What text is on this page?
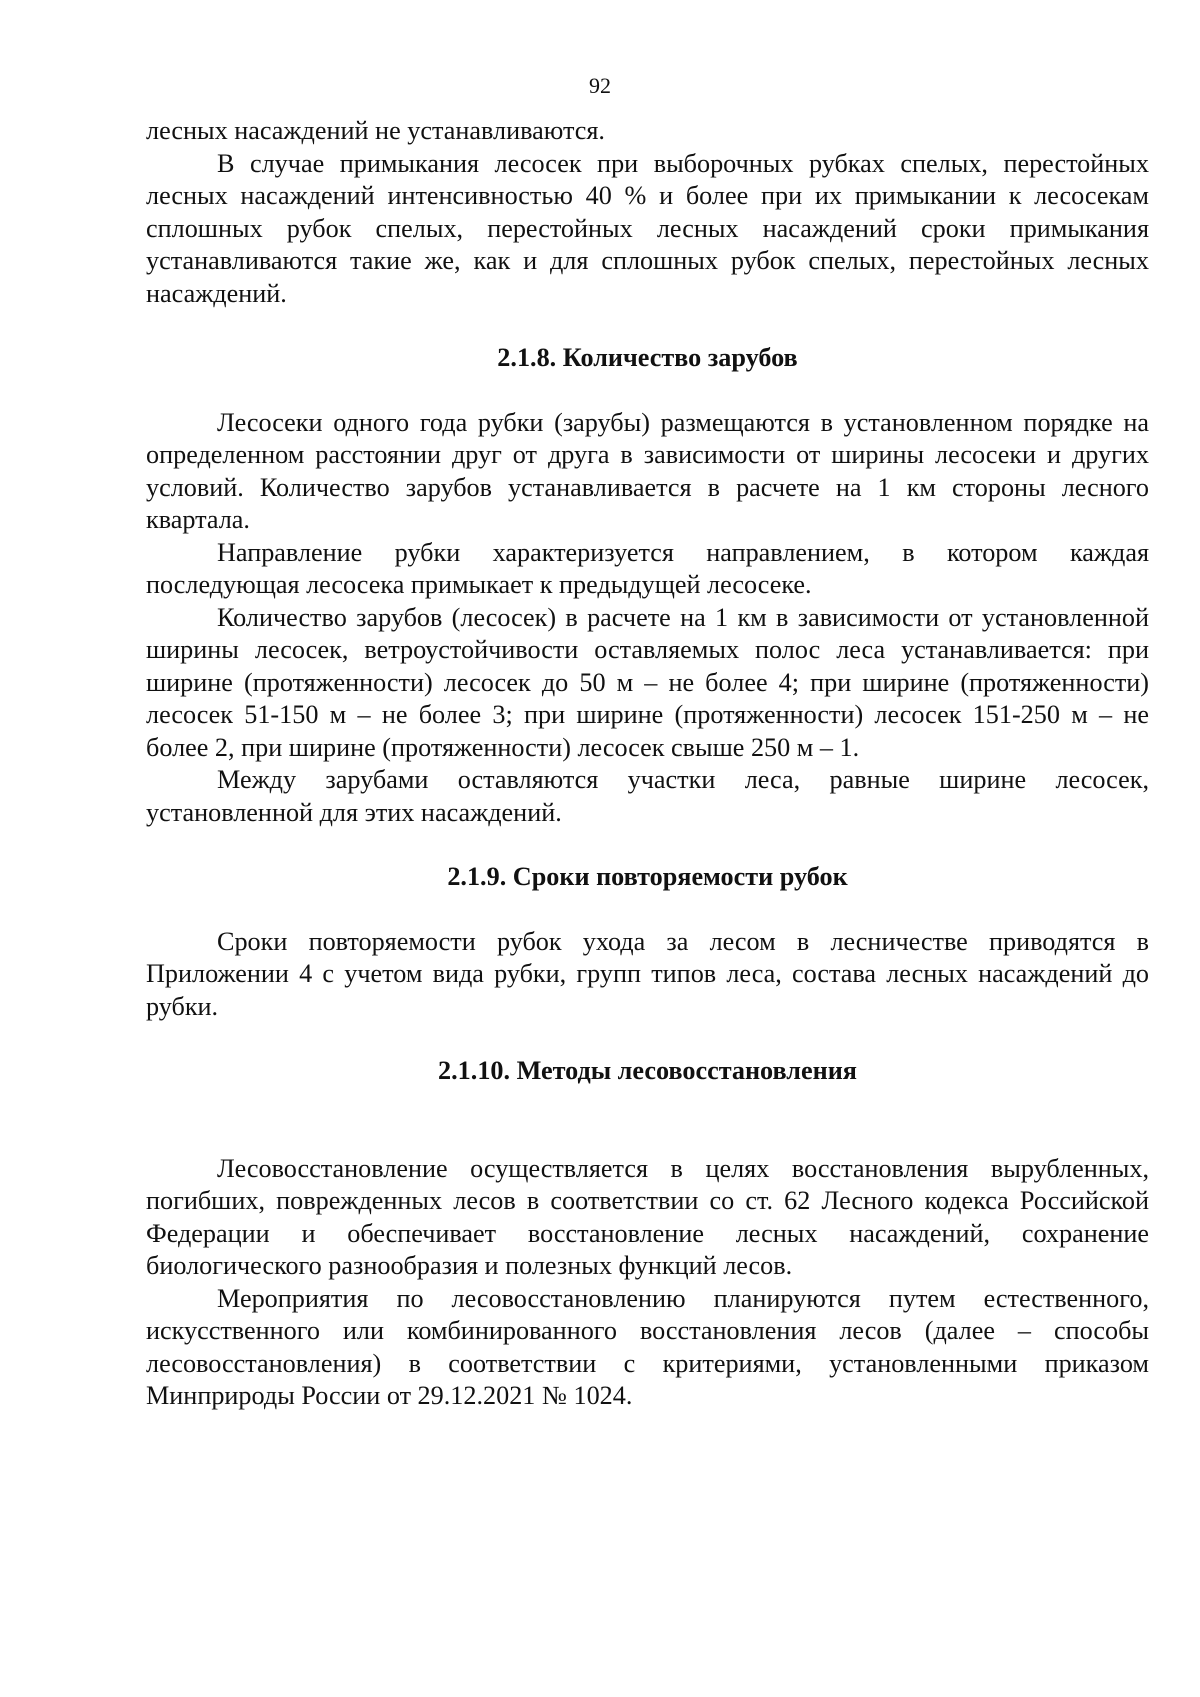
92

лесных насаждений не устанавливаются.

В случае примыкания лесосек при выборочных рубках спелых, перестойных лесных насаждений интенсивностью 40 % и более при их примыкании к лесосекам сплошных рубок спелых, перестойных лесных насаждений сроки примыкания устанавливаются такие же, как и для сплошных рубок спелых, перестойных лесных насаждений.

2.1.8. Количество зарубов

Лесосеки одного года рубки (зарубы) размещаются в установленном порядке на определенном расстоянии друг от друга в зависимости от ширины лесосеки и других условий. Количество зарубов устанавливается в расчете на 1 км стороны лесного квартала.

Направление рубки характеризуется направлением, в котором каждая последующая лесосека примыкает к предыдущей лесосеке.

Количество зарубов (лесосек) в расчете на 1 км в зависимости от установленной ширины лесосек, ветроустойчивости оставляемых полос леса устанавливается: при ширине (протяженности) лесосек до 50 м – не более 4; при ширине (протяженности) лесосек 51-150 м – не более 3; при ширине (протяженности) лесосек 151-250 м – не более 2, при ширине (протяженности) лесосек свыше 250 м – 1.

Между зарубами оставляются участки леса, равные ширине лесосек, установленной для этих насаждений.

2.1.9. Сроки повторяемости рубок

Сроки повторяемости рубок ухода за лесом в лесничестве приводятся в Приложении 4 с учетом вида рубки, групп типов леса, состава лесных насаждений до рубки.

2.1.10. Методы лесовосстановления

Лесовосстановление осуществляется в целях восстановления вырубленных, погибших, поврежденных лесов в соответствии со ст. 62 Лесного кодекса Российской Федерации и обеспечивает восстановление лесных насаждений, сохранение биологического разнообразия и полезных функций лесов.

Мероприятия по лесовосстановлению планируются путем естественного, искусственного или комбинированного восстановления лесов (далее – способы лесовосстановления) в соответствии с критериями, установленными приказом Минприроды России от 29.12.2021 № 1024.
